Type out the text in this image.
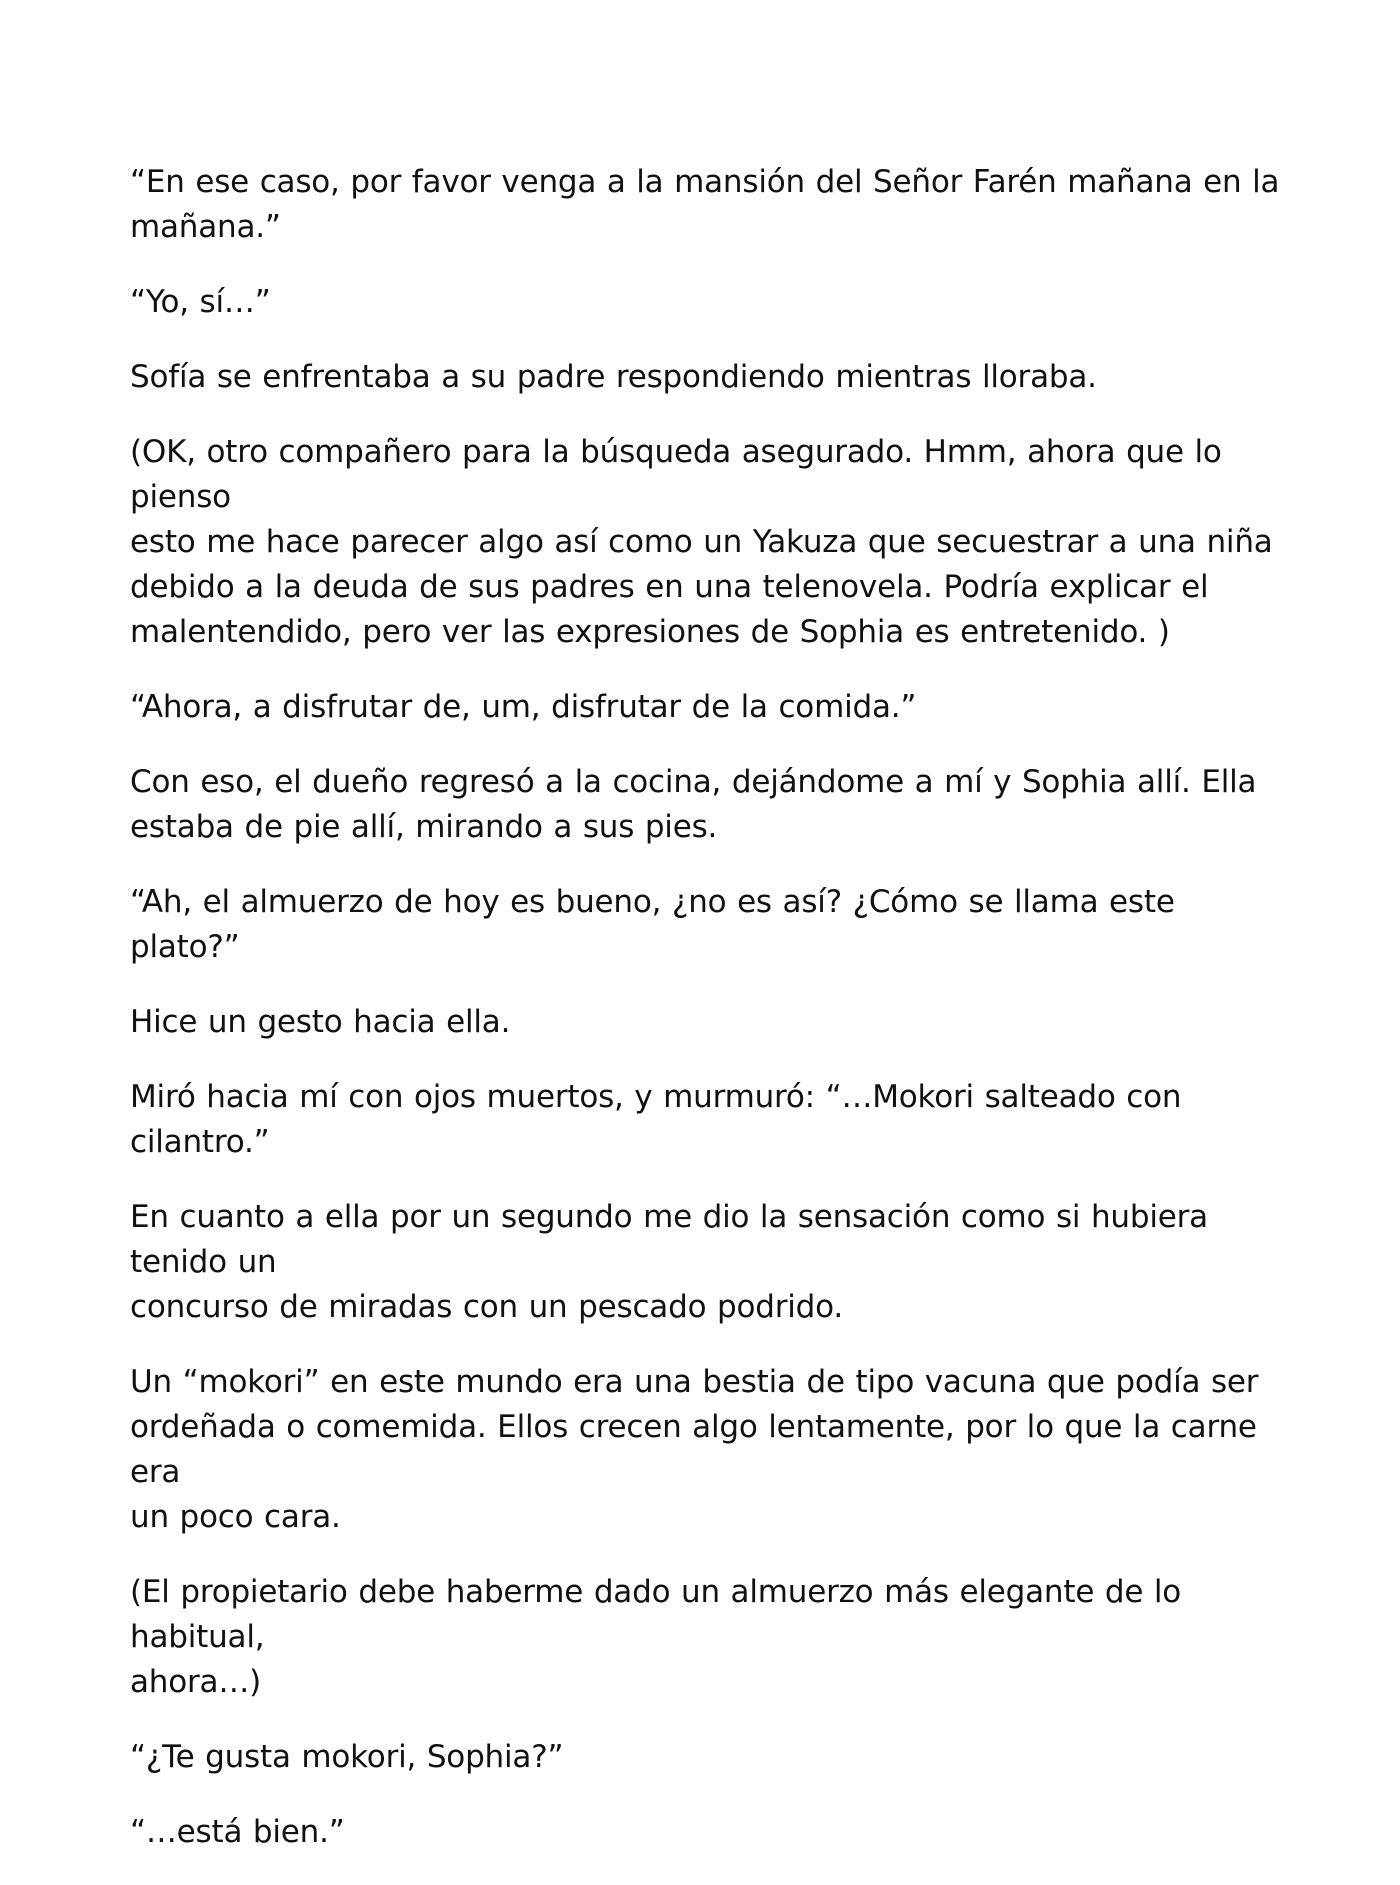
“En ese caso, por favor venga a la mansión del Señor Farén mañana en la
mañana.”

“Yo, sí…”

Sofía se enfrentaba a su padre respondiendo mientras lloraba.

(OK, otro compañero para la búsqueda asegurado. Hmm, ahora que lo pienso
esto me hace parecer algo así como un Yakuza que secuestrar a una niña
debido a la deuda de sus padres en una telenovela. Podría explicar el
malentendido, pero ver las expresiones de Sophia es entretenido. )

“Ahora, a disfrutar de, um, disfrutar de la comida.”

Con eso, el dueño regresó a la cocina, dejándome a mí y Sophia allí. Ella
estaba de pie allí, mirando a sus pies.

“Ah, el almuerzo de hoy es bueno, ¿no es así? ¿Cómo se llama este plato?”

Hice un gesto hacia ella.

Miró hacia mí con ojos muertos, y murmuró: “…Mokori salteado con cilantro.”

En cuanto a ella por un segundo me dio la sensación como si hubiera tenido un
concurso de miradas con un pescado podrido.

Un “mokori” en este mundo era una bestia de tipo vacuna que podía ser
ordeñada o comemida. Ellos crecen algo lentamente, por lo que la carne era
un poco cara.

(El propietario debe haberme dado un almuerzo más elegante de lo habitual,
ahora…)

“¿Te gusta mokori, Sophia?”

“…está bien.”
